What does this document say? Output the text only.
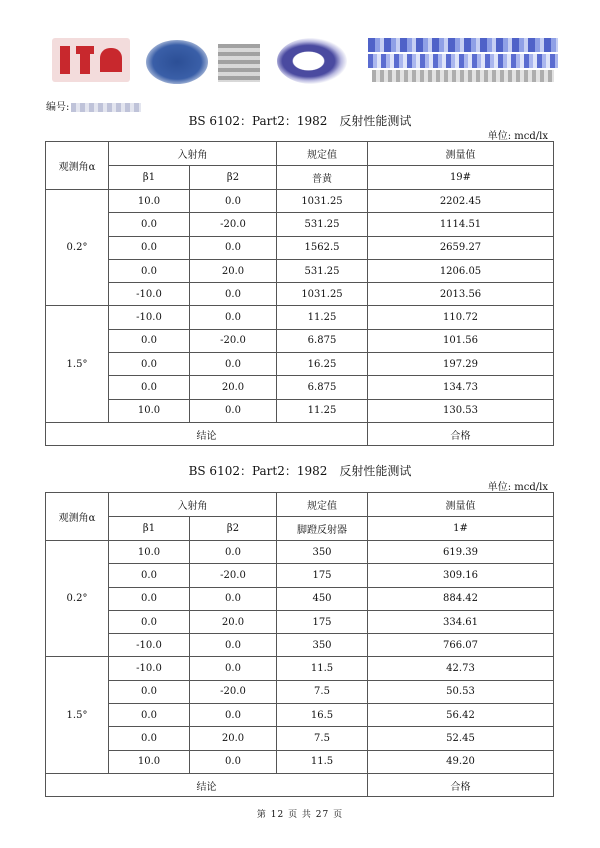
编号:
BS 6102：Part2：1982　反射性能测试
单位: mcd/lx
观测角α	入射角		规定值	测量值
	β1	β2	普黄	19#
0.2°	10.0	0.0	1031.25	2202.45
	0.0	-20.0	531.25	1114.51
	0.0	0.0	1562.5	2659.27
	0.0	20.0	531.25	1206.05
	-10.0	0.0	1031.25	2013.56
1.5°	-10.0	0.0	11.25	110.72
	0.0	-20.0	6.875	101.56
	0.0	0.0	16.25	197.29
	0.0	20.0	6.875	134.73
	10.0	0.0	11.25	130.53
结论				合格
BS 6102：Part2：1982　反射性能测试
单位: mcd/lx
观测角α	入射角		规定值	测量值
	β1	β2	脚蹬反射器	1#
0.2°	10.0	0.0	350	619.39
	0.0	-20.0	175	309.16
	0.0	0.0	450	884.42
	0.0	20.0	175	334.61
	-10.0	0.0	350	766.07
1.5°	-10.0	0.0	11.5	42.73
	0.0	-20.0	7.5	50.53
	0.0	0.0	16.5	56.42
	0.0	20.0	7.5	52.45
	10.0	0.0	11.5	49.20
结论				合格
第 12 页 共 27 页
